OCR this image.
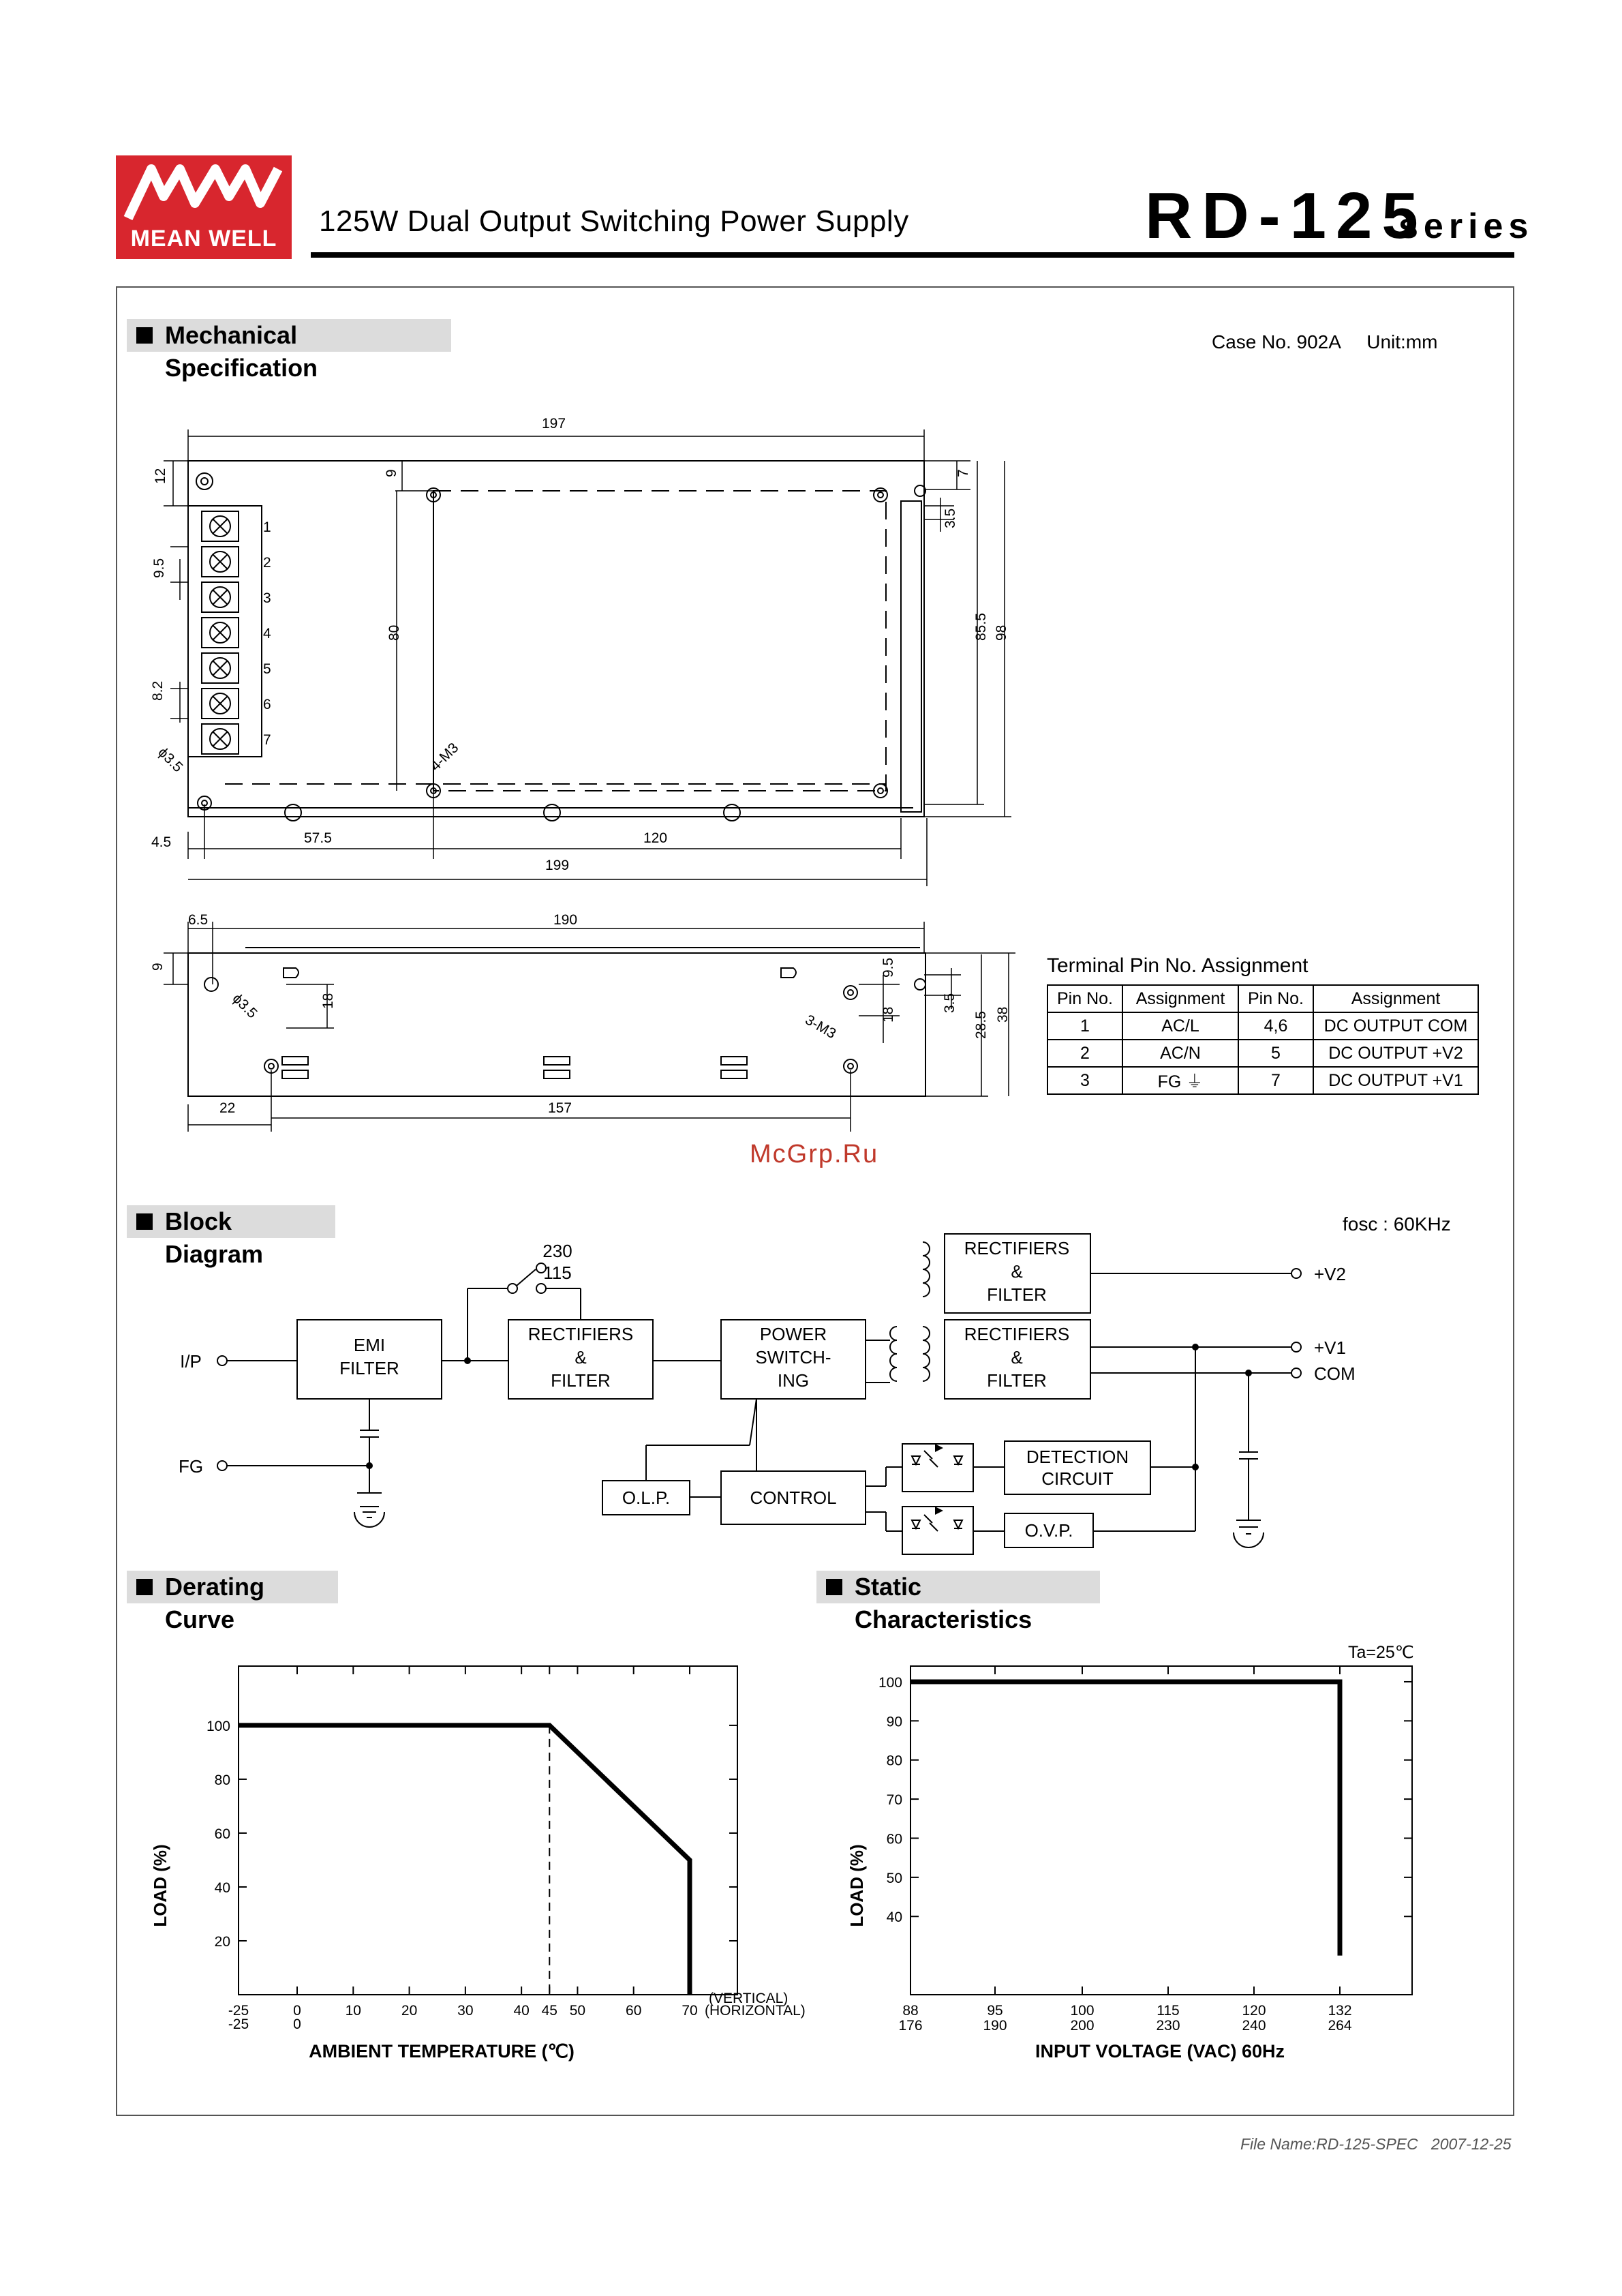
MEAN WELL
125W Dual Output Switching Power Supply	RD-125
series
Mechanical Specification
Case No. 902A     Unit:mm
197
12	9
80
9.5
8.2
7
3.5
85.5 98
ϕ3.5	4-M3
4.5	57.5	120
199
1
2
3
4
5
6
7
6.5	190
9
18
ϕ3.5
9.5
18
3-M3
3.5
28.5 38
22	157
Terminal Pin No. Assignment
Pin No.	Assignment	Pin No.	Assignment
1	AC/L	4,6	DC OUTPUT COM
2	AC/N	5	DC OUTPUT +V2
3	FG ⏚	7	DC OUTPUT +V1
McGrp.Ru
Block Diagram
fosc : 60KHz
I/P
FG
EMI
FILTER
RECTIFIERS
&
FILTER
230
115
POWER
SWITCH-
ING
RECTIFIERS
&
FILTER
RECTIFIERS
&
FILTER
O.L.P.	CONTROL
DETECTION
CIRCUIT
O.V.P.
+V2
+V1
COM
Derating Curve
20
40
60
80
100
-25	0	10	20	30	40 45 50	60	70
-25	0
LOAD (%)
AMBIENT TEMPERATURE (℃)
(VERTICAL)
(HORIZONTAL)
Static Characteristics
40
50
60
70
80
90
100
88
176
95
190
100
200
115
230
120
240
132
264
Ta=25℃
LOAD (%)
INPUT VOLTAGE (VAC) 60Hz
File Name:RD-125-SPEC   2007-12-25
